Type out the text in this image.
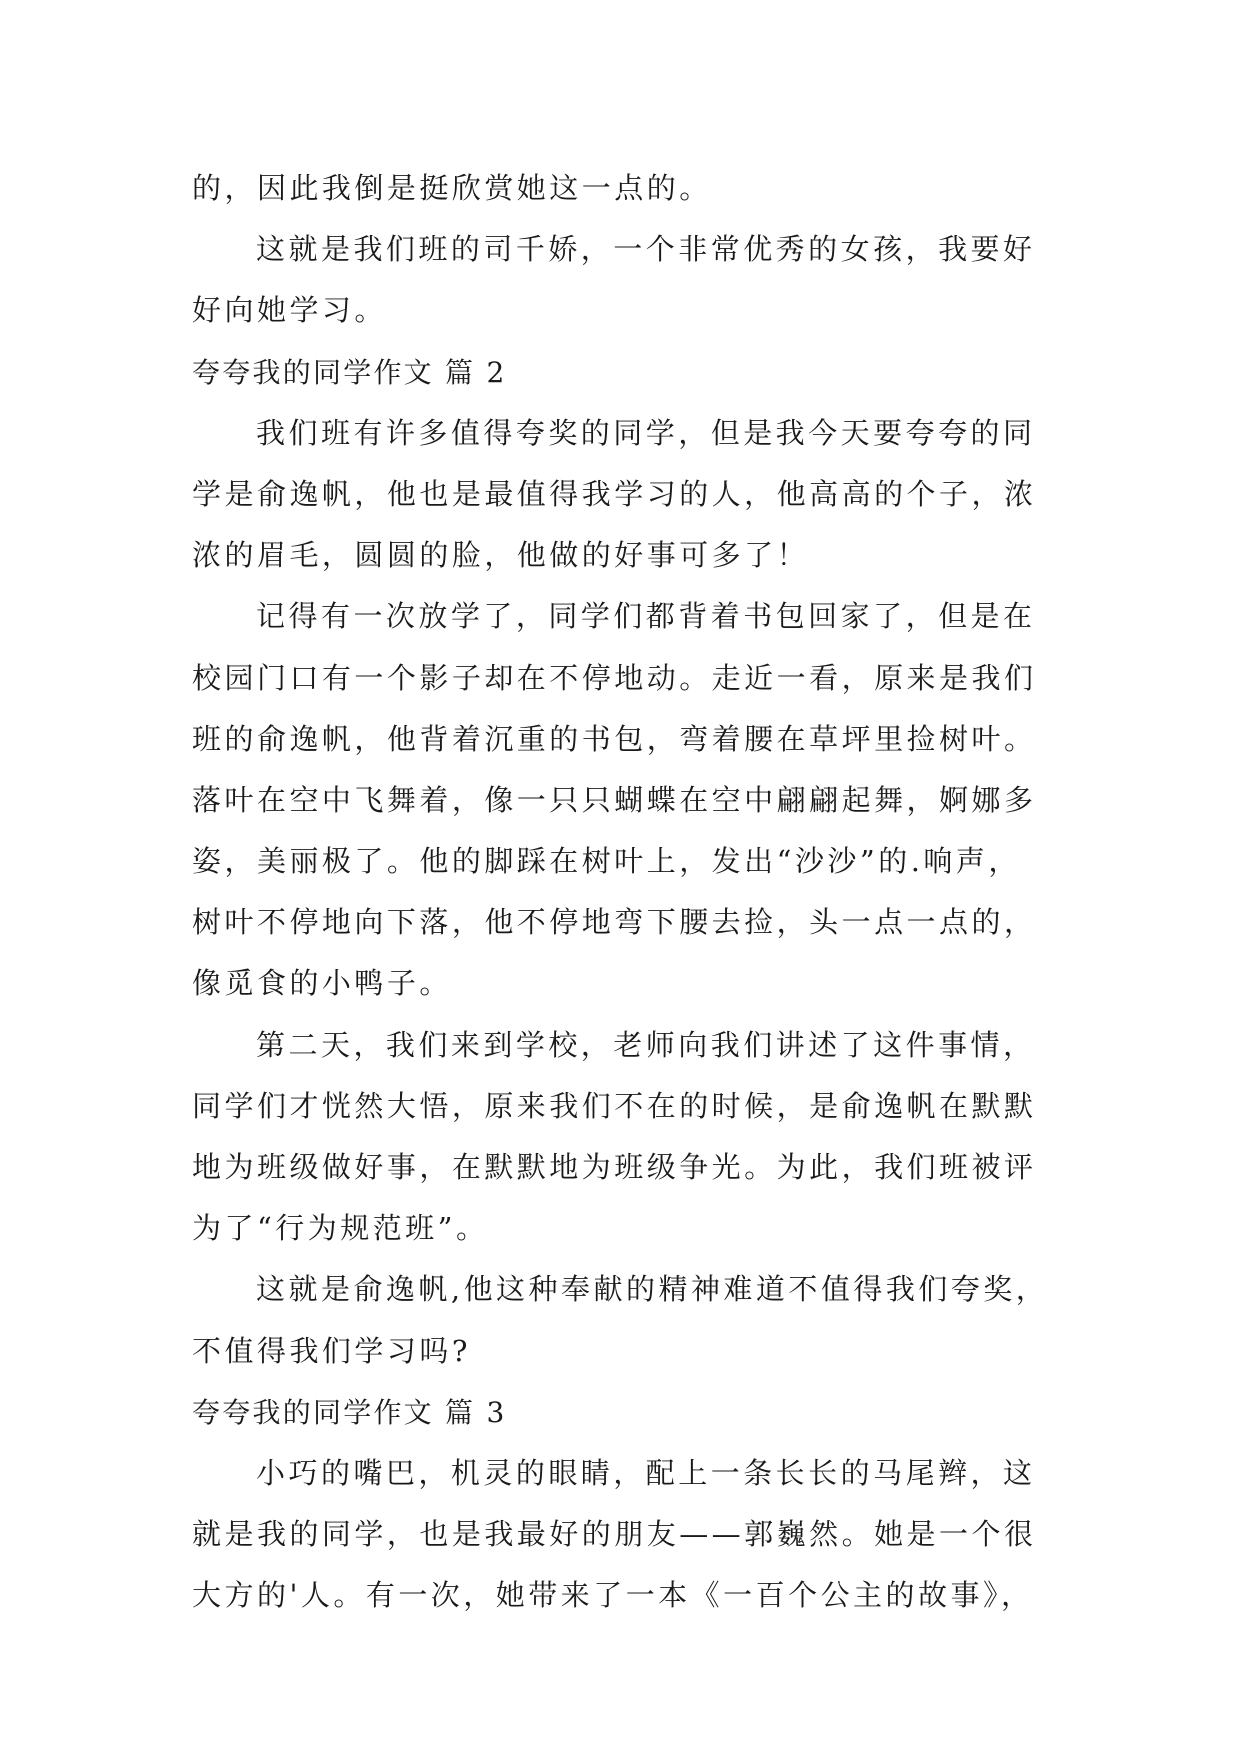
的，因此我倒是挺欣赏她这一点的。

这就是我们班的司千娇，一个非常优秀的女孩，我要好

好向她学习。

夸夸我的同学作文 篇 2

我们班有许多值得夸奖的同学，但是我今天要夸夸的同

学是俞逸帆，他也是最值得我学习的人，他高高的个子，浓

浓的眉毛，圆圆的脸，他做的好事可多了！

记得有一次放学了，同学们都背着书包回家了，但是在

校园门口有一个影子却在不停地动。走近一看，原来是我们

班的俞逸帆，他背着沉重的书包，弯着腰在草坪里捡树叶。

落叶在空中飞舞着，像一只只蝴蝶在空中翩翩起舞，婀娜多

姿，美丽极了。他的脚踩在树叶上，发出“沙沙”的.响声，

树叶不停地向下落，他不停地弯下腰去捡，头一点一点的，

像觅食的小鸭子。

第二天，我们来到学校，老师向我们讲述了这件事情，

同学们才恍然大悟，原来我们不在的时候，是俞逸帆在默默

地为班级做好事，在默默地为班级争光。为此，我们班被评

为了“行为规范班”。

这就是俞逸帆,他这种奉献的精神难道不值得我们夸奖，

不值得我们学习吗?

夸夸我的同学作文 篇 3

小巧的嘴巴，机灵的眼睛，配上一条长长的马尾辫，这

就是我的同学，也是我最好的朋友——郭巍然。她是一个很

大方的'人。有一次，她带来了一本《一百个公主的故事》，
